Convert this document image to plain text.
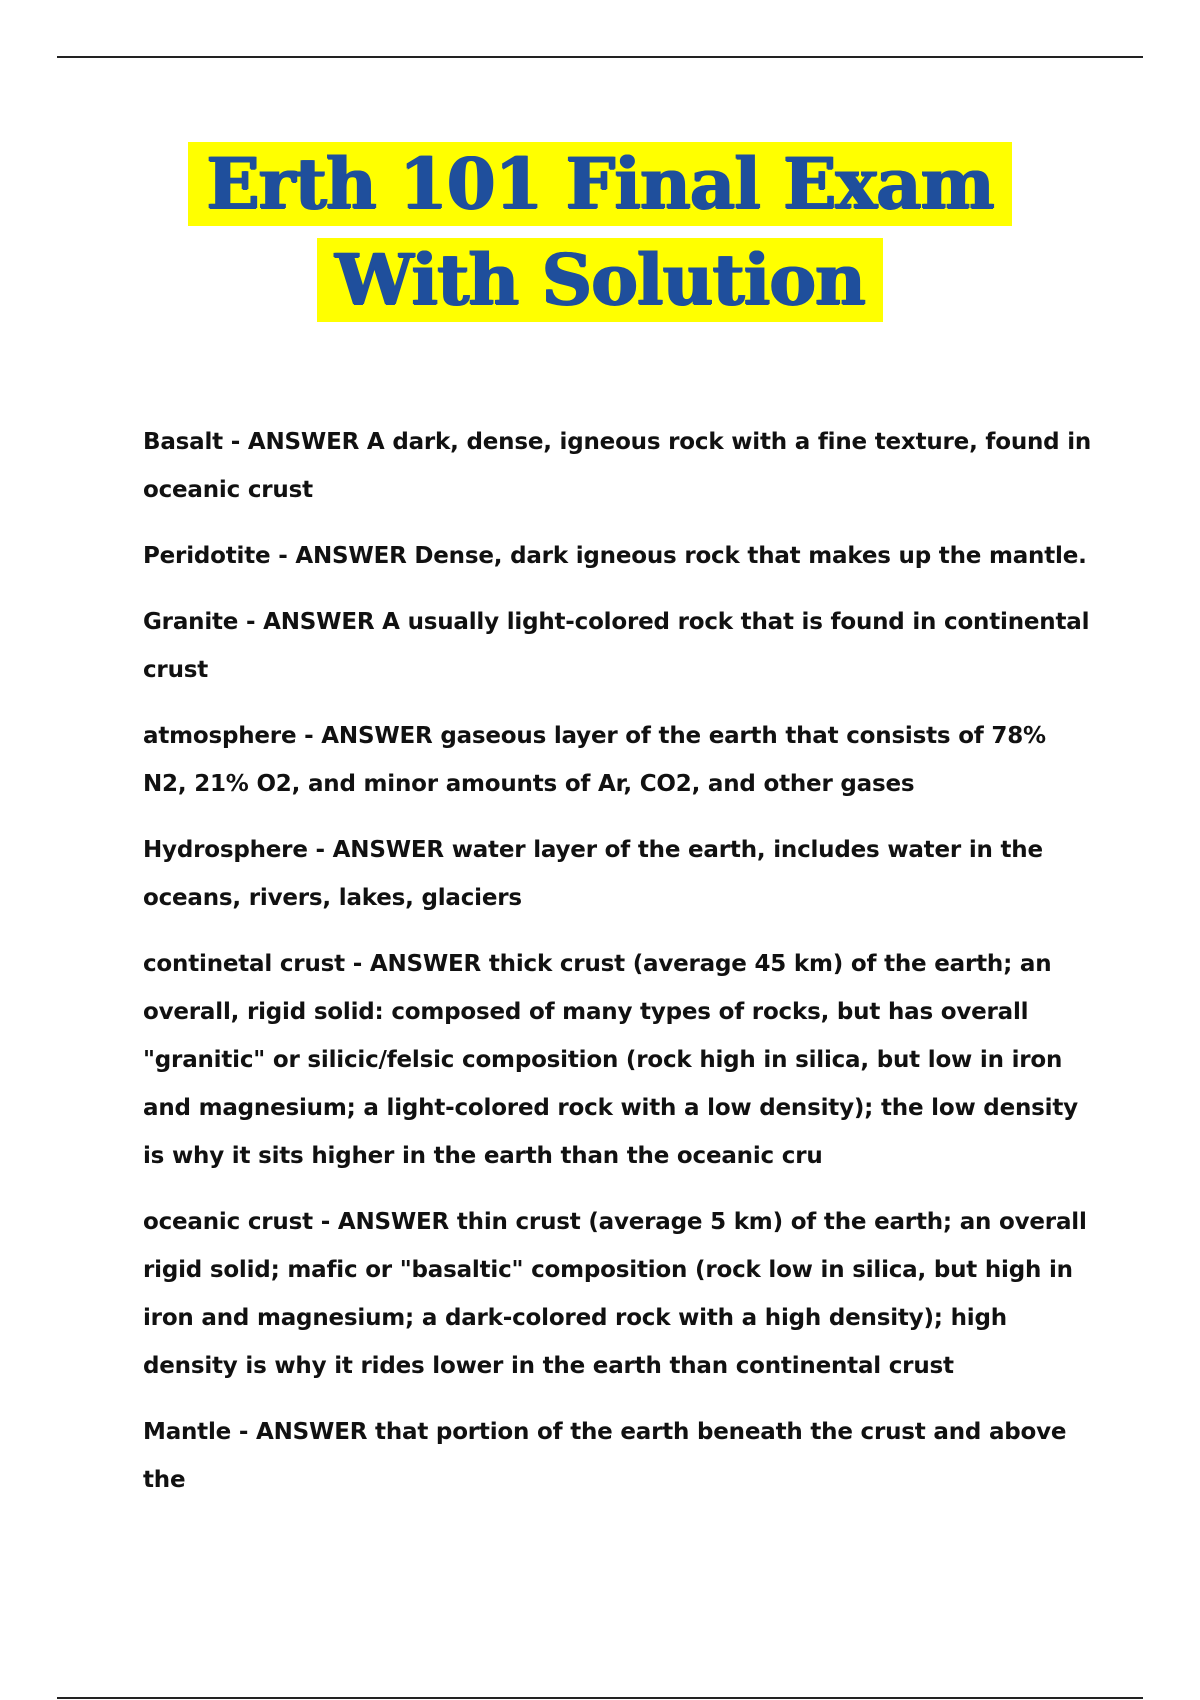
Erth 101 Final Exam
With Solution

Basalt - ANSWER A dark, dense, igneous rock with a fine texture, found in oceanic crust

Peridotite - ANSWER Dense, dark igneous rock that makes up the mantle.

Granite - ANSWER A usually light-colored rock that is found in continental crust

atmosphere - ANSWER gaseous layer of the earth that consists of 78% N2, 21% O2, and minor amounts of Ar, CO2, and other gases

Hydrosphere - ANSWER water layer of the earth, includes water in the oceans, rivers, lakes, glaciers

continetal crust - ANSWER thick crust (average 45 km) of the earth; an overall, rigid solid: composed of many types of rocks, but has overall "granitic" or silicic/felsic composition (rock high in silica, but low in iron and magnesium; a light-colored rock with a low density); the low density is why it sits higher in the earth than the oceanic cru

oceanic crust - ANSWER thin crust (average 5 km) of the earth; an overall rigid solid; mafic or "basaltic" composition (rock low in silica, but high in iron and magnesium; a dark-colored rock with a high density); high density is why it rides lower in the earth than continental crust

Mantle - ANSWER that portion of the earth beneath the crust and above the
